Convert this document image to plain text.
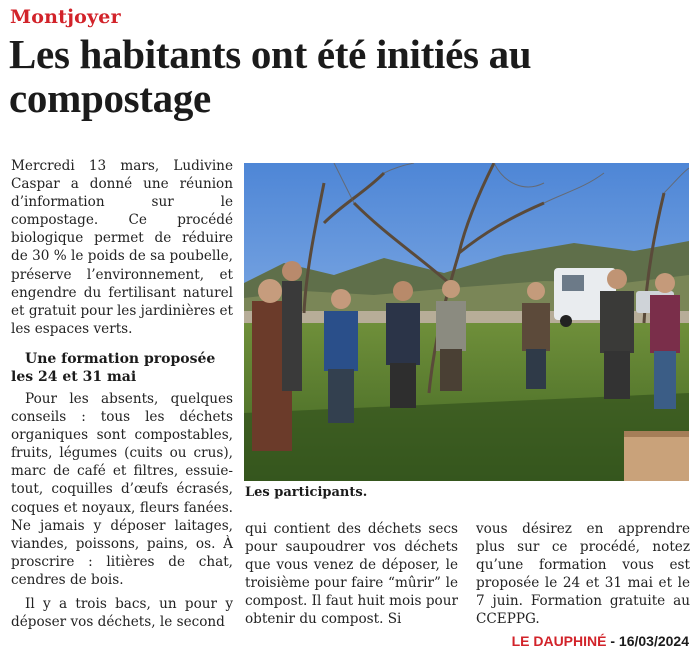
Montjoyer
Les habitants ont été initiés au compostage

Mercredi 13 mars, Ludivine Caspar a donné une réunion d’information sur le compostage. Ce procédé biologique permet de réduire de 30 % le poids de sa poubelle, préserve l’environnement, et engendre du fertilisant naturel et gratuit pour les jardinières et les espaces verts.

Une formation proposée les 24 et 31 mai

Pour les absents, quelques conseils : tous les déchets organiques sont compostables, fruits, légumes (cuits ou crus), marc de café et filtres, essuie-tout, coquilles d’œufs écrasés, coques et noyaux, fleurs fanées. Ne jamais y déposer laitages, viandes, poissons, pains, os. À proscrire : litières de chat, cendres de bois.

Il y a trois bacs, un pour y déposer vos déchets, le second

Les participants.

qui contient des déchets secs pour saupoudrer vos déchets que vous venez de déposer, le troisième pour faire “mûrir” le compost. Il faut huit mois pour obtenir du compost. Si

vous désirez en apprendre plus sur ce procédé, notez qu’une formation vous est proposée le 24 et 31 mai et le 7 juin. Formation gratuite au CCEPPG.

LE DAUPHINÉ - 16/03/2024
